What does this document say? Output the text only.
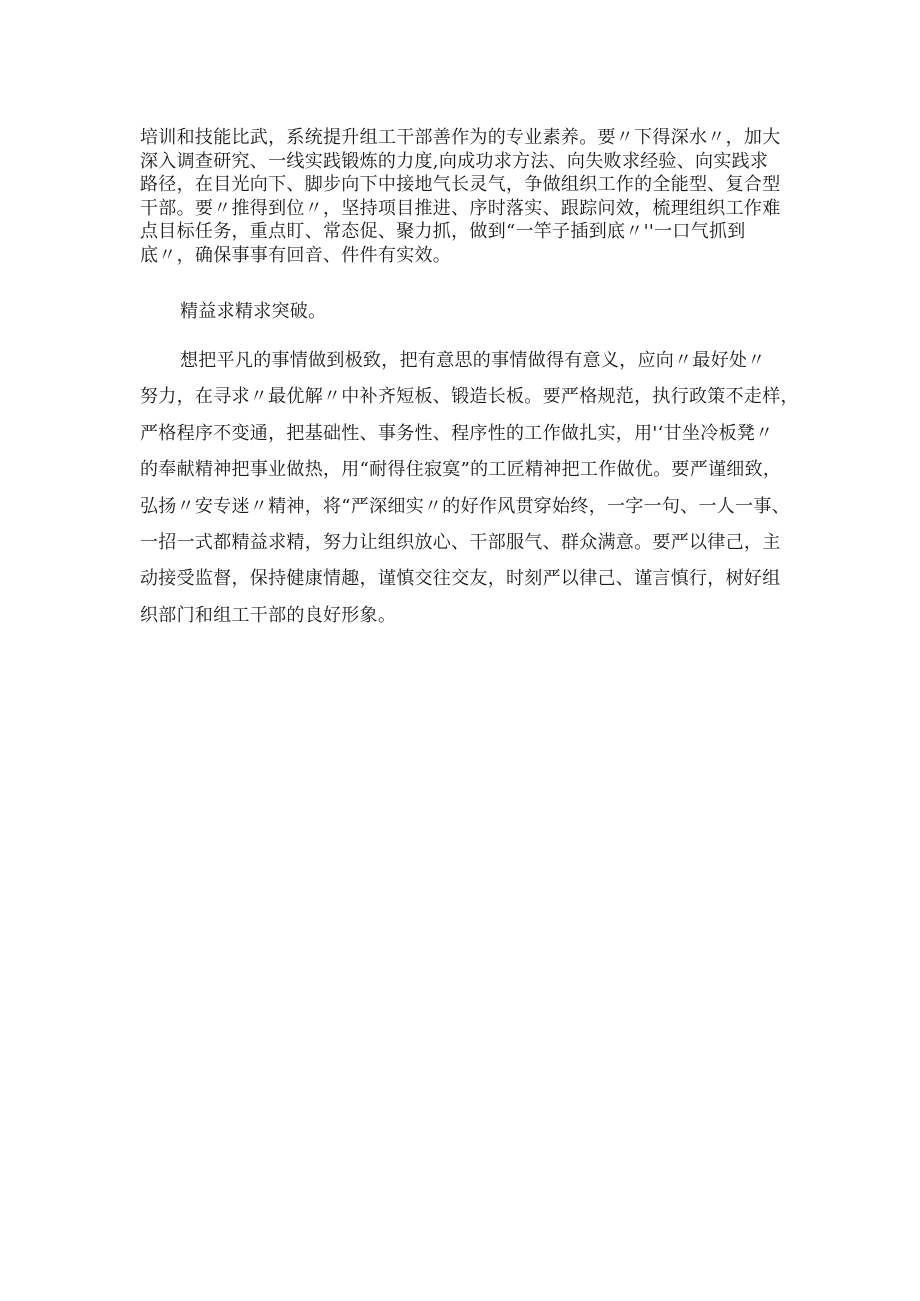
培训和技能比武，系统提升组工干部善作为的专业素养。要〃下得深水〃，加大
深入调查研究、一线实践锻炼的力度,向成功求方法、向失败求经验、向实践求
路径，在目光向下、脚步向下中接地气长灵气，争做组织工作的全能型、复合型
干部。要〃推得到位〃，坚持项目推进、序时落实、跟踪问效，梳理组织工作难
点目标任务，重点盯、常态促、聚力抓，做到“一竿子插到底〃''一口气抓到
底〃，确保事事有回音、件件有实效。
精益求精求突破。
想把平凡的事情做到极致，把有意思的事情做得有意义，应向〃最好处〃
努力，在寻求〃最优解〃中补齐短板、锻造长板。要严格规范，执行政策不走样，
严格程序不变通，把基础性、事务性、程序性的工作做扎实，用'‘甘坐冷板凳〃
的奉献精神把事业做热，用“耐得住寂寞”的工匠精神把工作做优。要严谨细致，
弘扬〃安专迷〃精神，将“严深细实〃的好作风贯穿始终，一字一句、一人一事、
一招一式都精益求精，努力让组织放心、干部服气、群众满意。要严以律己，主
动接受监督，保持健康情趣，谨慎交往交友，时刻严以律己、谨言慎行，树好组
织部门和组工干部的良好形象。
